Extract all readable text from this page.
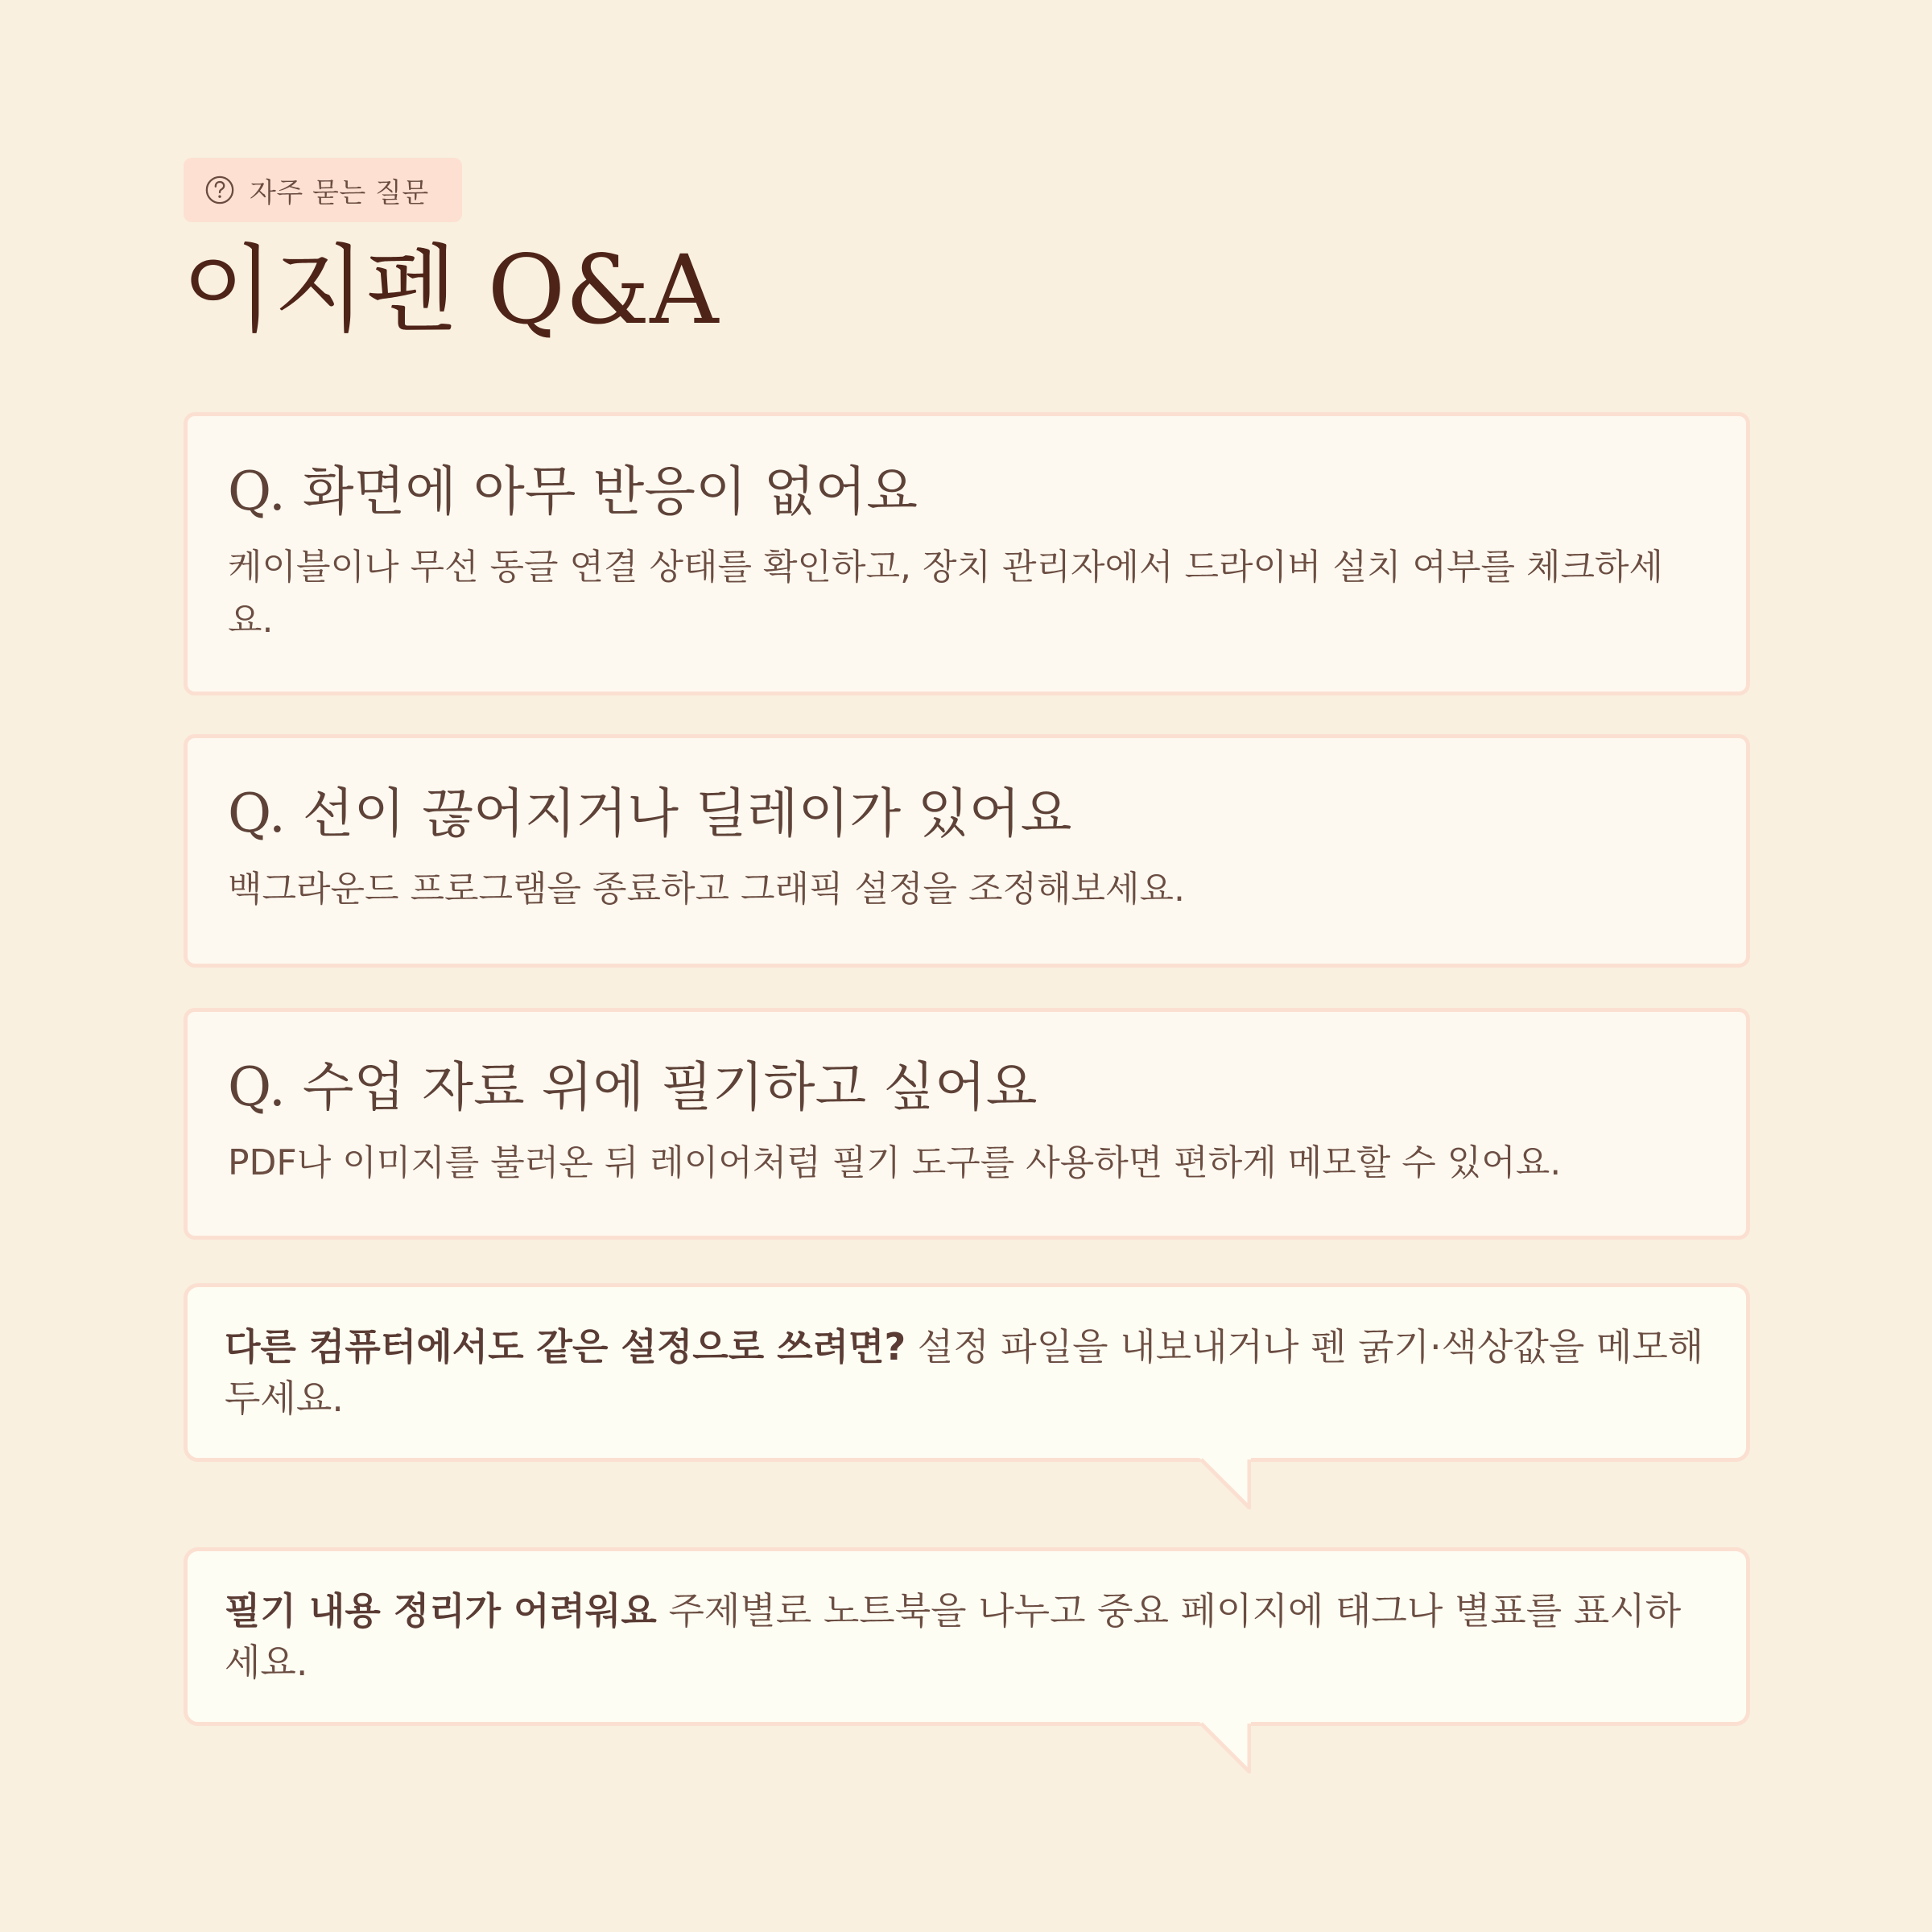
자주 묻는 질문
이지펜 Q&A
Q. 화면에 아무 반응이 없어요
케이블이나 무선 동글 연결 상태를 확인하고, 장치 관리자에서 드라이버 설치 여부를 체크하세요.
Q. 선이 끊어지거나 딜레이가 있어요
백그라운드 프로그램을 종료하고 그래픽 설정을 조정해보세요.
Q. 수업 자료 위에 필기하고 싶어요
PDF나 이미지를 불러온 뒤 레이어처럼 필기 도구를 사용하면 편하게 메모할 수 있어요.
다른 컴퓨터에서도 같은 설정으로 쓰려면? 설정 파일을 내보내거나 펜 굵기·색상값을 메모해 두세요.
필기 내용 정리가 어려워요 주제별로 노트북을 나누고 중요 페이지에 태그나 별표를 표시하세요.
